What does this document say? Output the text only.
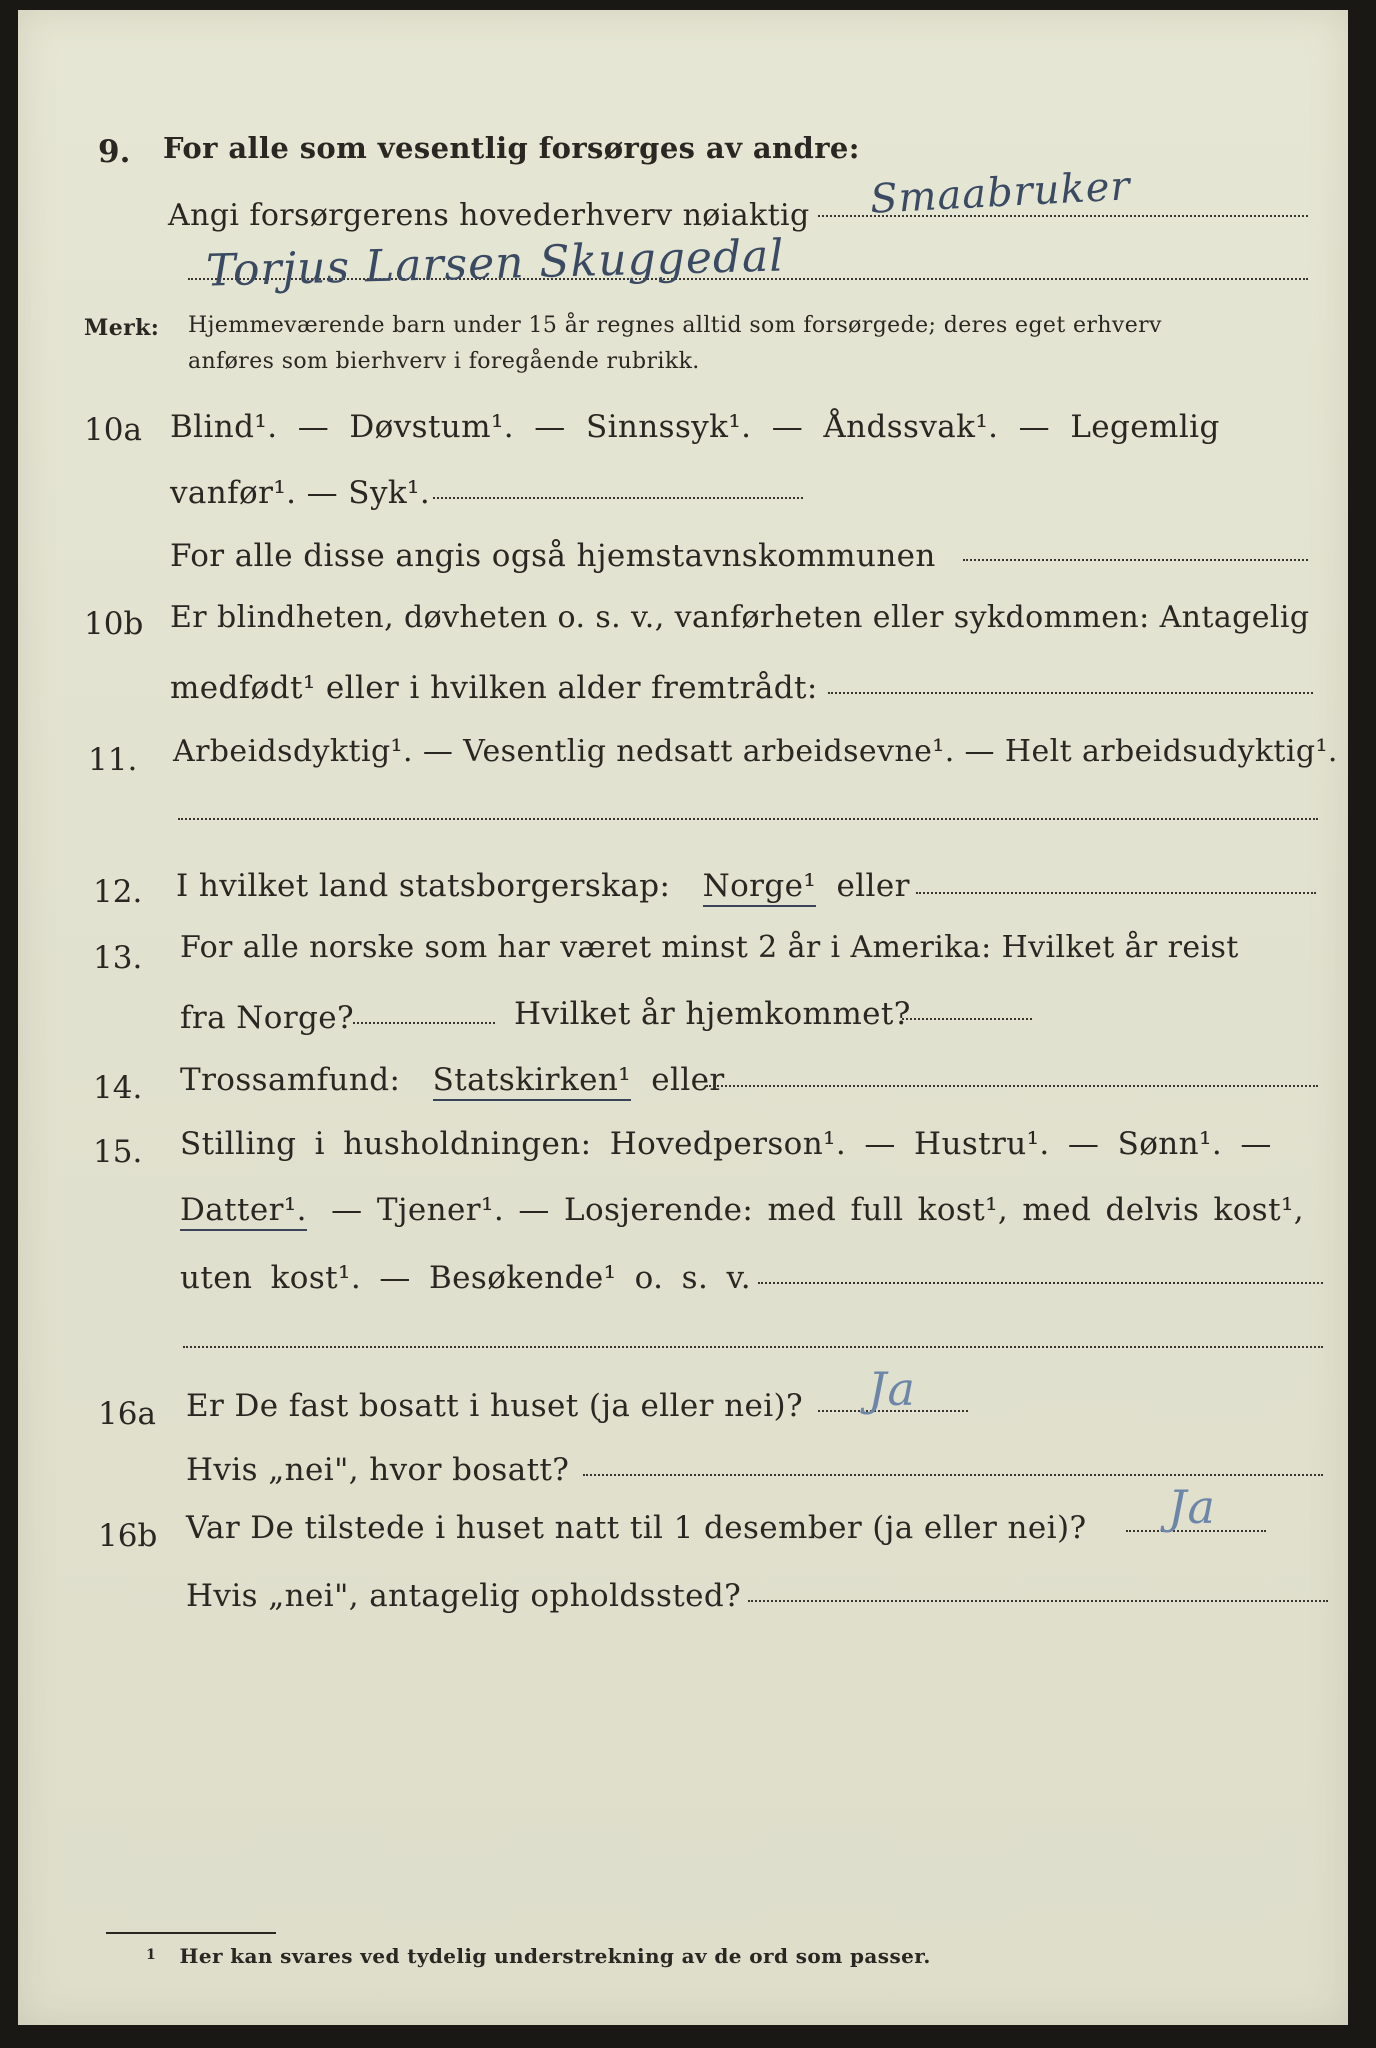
9. For alle som vesentlig forsørges av andre:
Angi forsørgerens hovederhverv nøiaktig Smaabruker
Torjus Larsen Skuggedal
Merk: Hjemmeværende barn under 15 år regnes alltid som forsørgede; deres eget erhverv
anføres som bierhverv i foregående rubrikk.
10a Blind¹. — Døvstum¹. — Sinnssyk¹. — Åndssvak¹. — Legemlig
vanfør¹. — Syk¹.
For alle disse angis også hjemstavnskommunen
10b Er blindheten, døvheten o. s. v., vanførheten eller sykdommen: Antagelig
medfødt¹ eller i hvilken alder fremtrådt:
11. Arbeidsdyktig¹. — Vesentlig nedsatt arbeidsevne¹. — Helt arbeidsudyktig¹.
12. I hvilket land statsborgerskap: Norge¹ eller
13. For alle norske som har været minst 2 år i Amerika: Hvilket år reist
fra Norge?	Hvilket år hjemkommet?
14. Trossamfund: Statskirken¹ eller
15. Stilling i husholdningen: Hovedperson¹. — Hustru¹. — Sønn¹. —
Datter¹. — Tjener¹. — Losjerende: med full kost¹, med delvis kost¹,
uten kost¹. — Besøkende¹ o. s. v.
16a Er De fast bosatt i huset (ja eller nei)? Ja
Hvis „nei", hvor bosatt?
16b Var De tilstede i huset natt til 1 desember (ja eller nei)? Ja
Hvis „nei", antagelig opholdssted?
$^1$ Her kan svares ved tydelig understrekning av de ord som passer.
